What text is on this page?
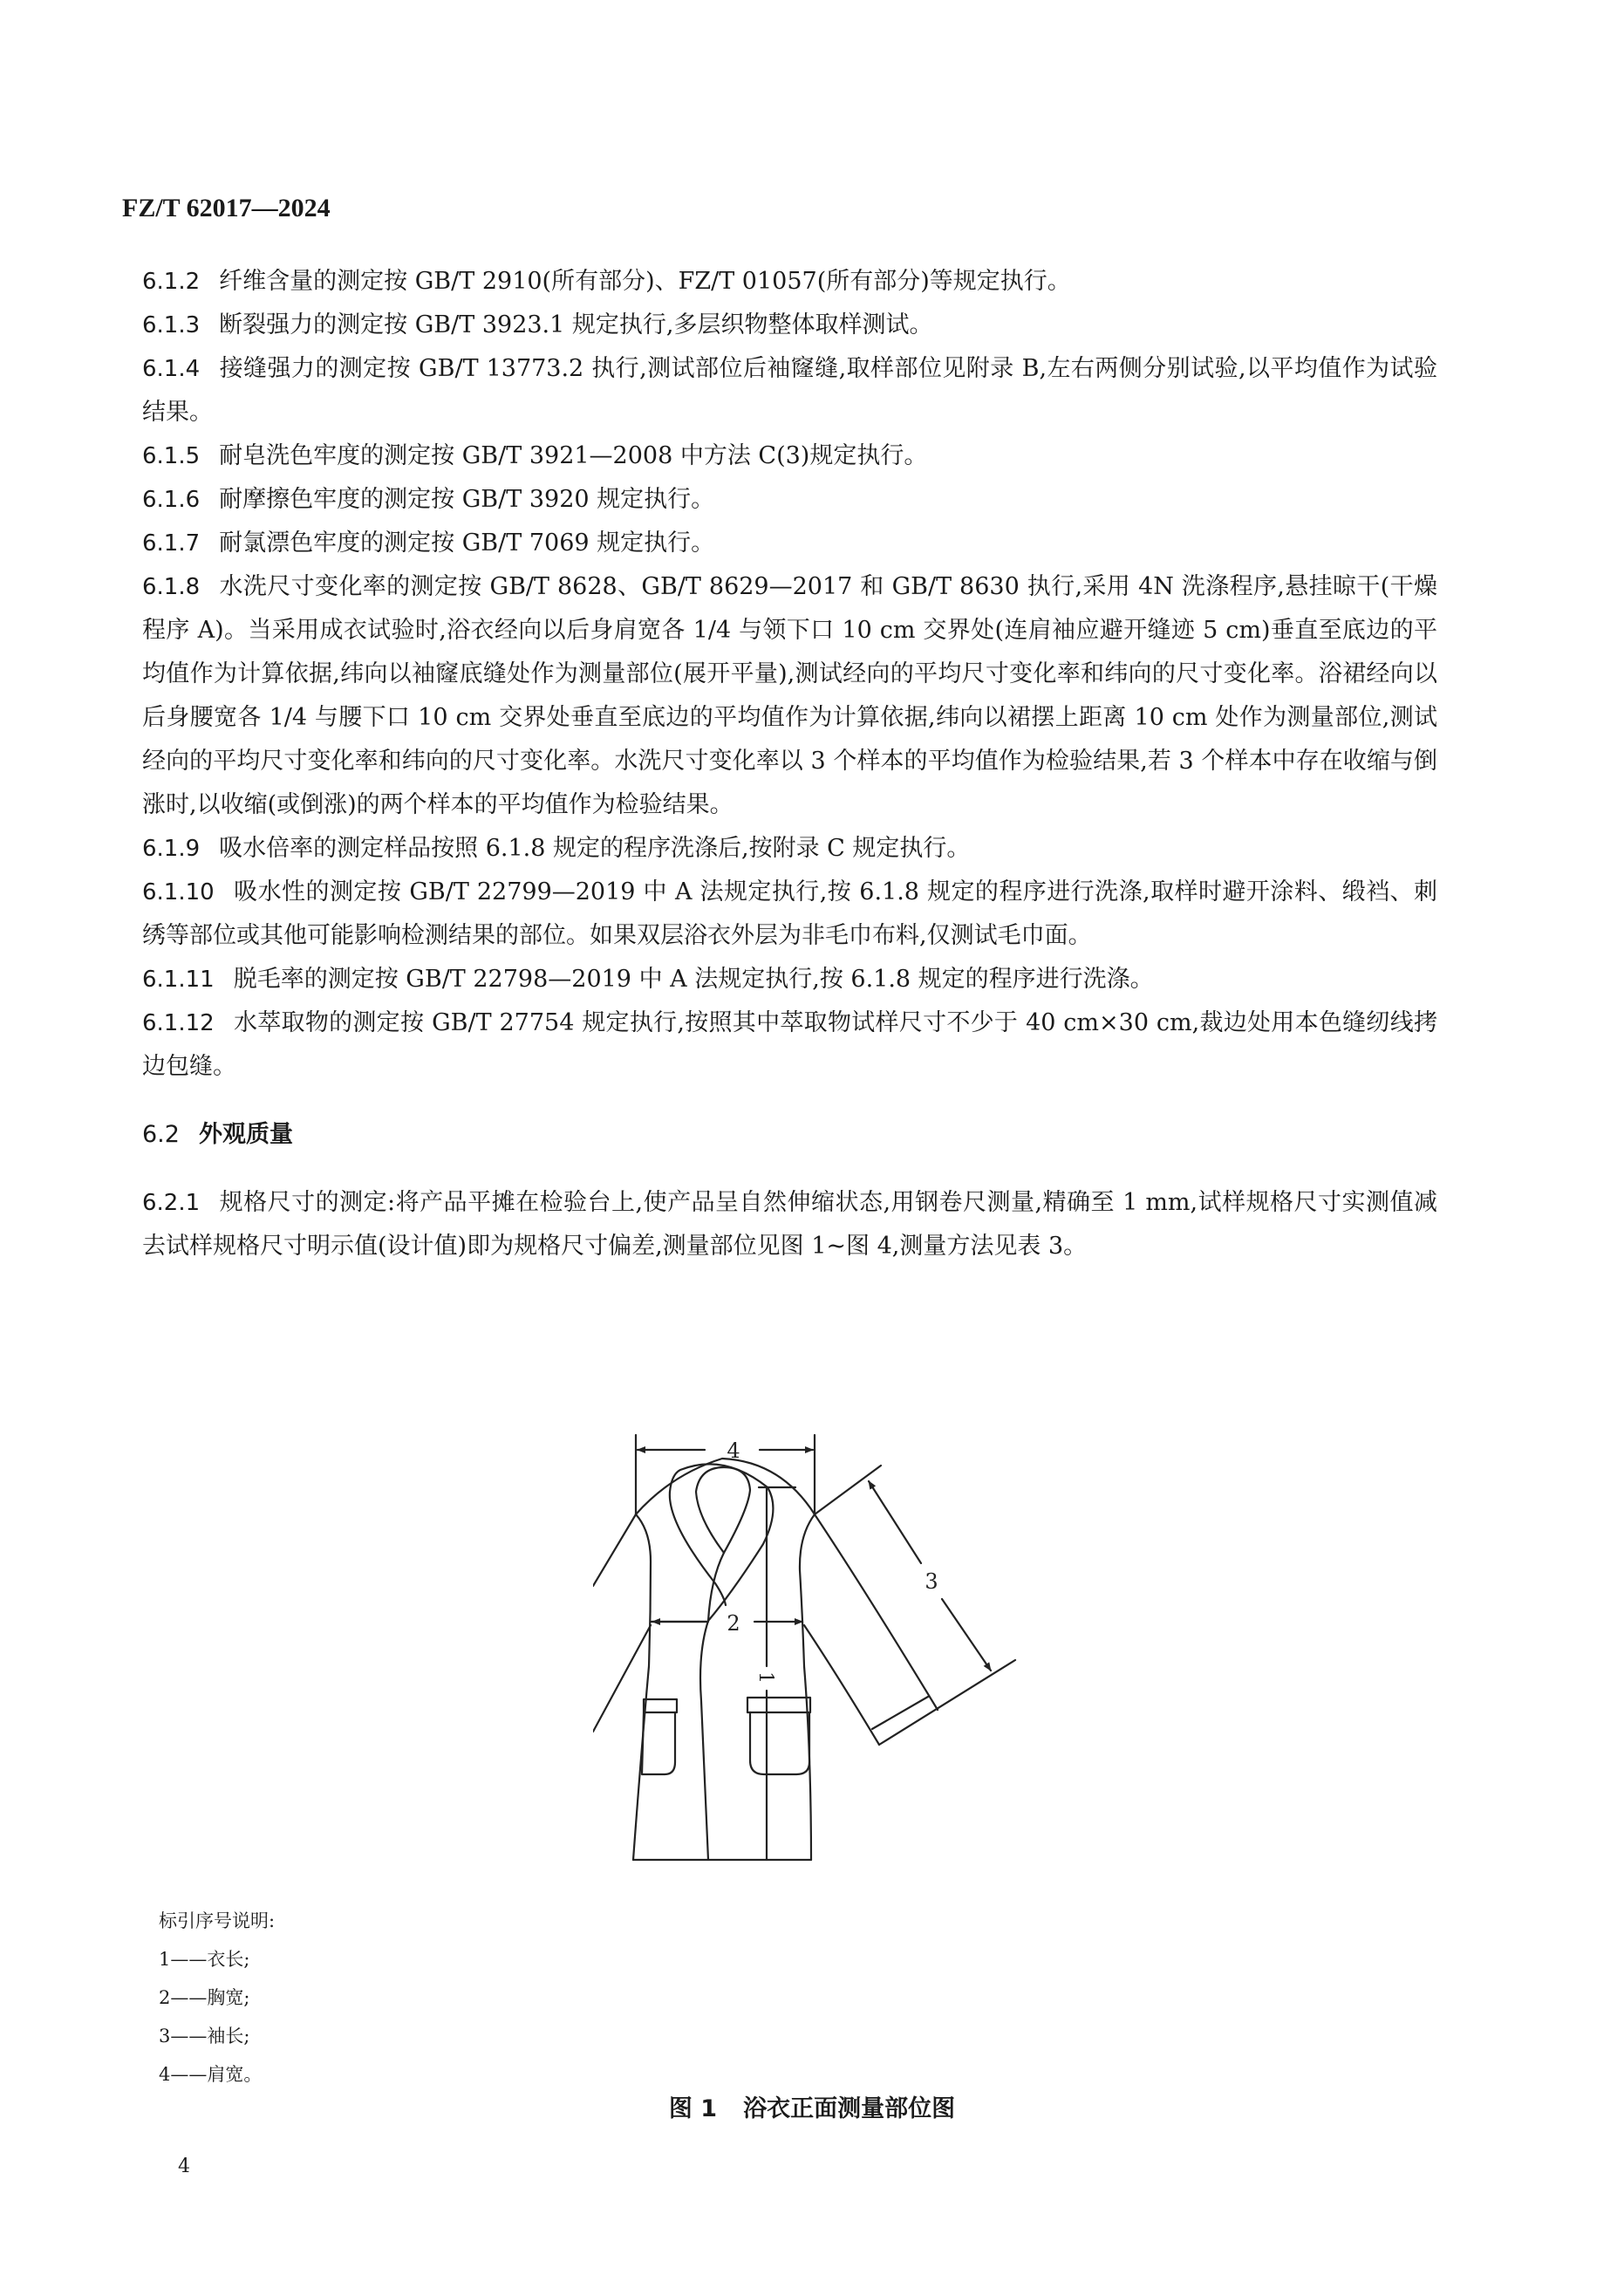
FZ/T 62017—2024

6.1.2 纤维含量的测定按 GB/T 2910(所有部分)、FZ/T 01057(所有部分)等规定执行。

6.1.3 断裂强力的测定按 GB/T 3923.1 规定执行,多层织物整体取样测试。

6.1.4 接缝强力的测定按 GB/T 13773.2 执行,测试部位后袖窿缝,取样部位见附录 B,左右两侧分别试验,以平均值作为试验结果。

6.1.5 耐皂洗色牢度的测定按 GB/T 3921—2008 中方法 C(3)规定执行。

6.1.6 耐摩擦色牢度的测定按 GB/T 3920 规定执行。

6.1.7 耐氯漂色牢度的测定按 GB/T 7069 规定执行。

6.1.8 水洗尺寸变化率的测定按 GB/T 8628、GB/T 8629—2017 和 GB/T 8630 执行,采用 4N 洗涤程序,悬挂晾干(干燥程序 A)。当采用成衣试验时,浴衣经向以后身肩宽各 1/4 与领下口 10 cm 交界处(连肩袖应避开缝迹 5 cm)垂直至底边的平均值作为计算依据,纬向以袖窿底缝处作为测量部位(展开平量),测试经向的平均尺寸变化率和纬向的尺寸变化率。浴裙经向以后身腰宽各 1/4 与腰下口 10 cm 交界处垂直至底边的平均值作为计算依据,纬向以裙摆上距离 10 cm 处作为测量部位,测试经向的平均尺寸变化率和纬向的尺寸变化率。水洗尺寸变化率以 3 个样本的平均值作为检验结果,若 3 个样本中存在收缩与倒涨时,以收缩(或倒涨)的两个样本的平均值作为检验结果。

6.1.9 吸水倍率的测定样品按照 6.1.8 规定的程序洗涤后,按附录 C 规定执行。

6.1.10 吸水性的测定按 GB/T 22799—2019 中 A 法规定执行,按 6.1.8 规定的程序进行洗涤,取样时避开涂料、缎裆、刺绣等部位或其他可能影响检测结果的部位。如果双层浴衣外层为非毛巾布料,仅测试毛巾面。

6.1.11 脱毛率的测定按 GB/T 22798—2019 中 A 法规定执行,按 6.1.8 规定的程序进行洗涤。

6.1.12 水萃取物的测定按 GB/T 27754 规定执行,按照其中萃取物试样尺寸不少于 40 cm×30 cm,裁边处用本色缝纫线拷边包缝。

6.2 外观质量

6.2.1 规格尺寸的测定:将产品平摊在检验台上,使产品呈自然伸缩状态,用钢卷尺测量,精确至 1 mm,试样规格尺寸实测值减去试样规格尺寸明示值(设计值)即为规格尺寸偏差,测量部位见图 1~图 4,测量方法见表 3。

4
2
3
1
标引序号说明:
1——衣长;
2——胸宽;
3——袖长;
4——肩宽。
图 1 浴衣正面测量部位图
4
